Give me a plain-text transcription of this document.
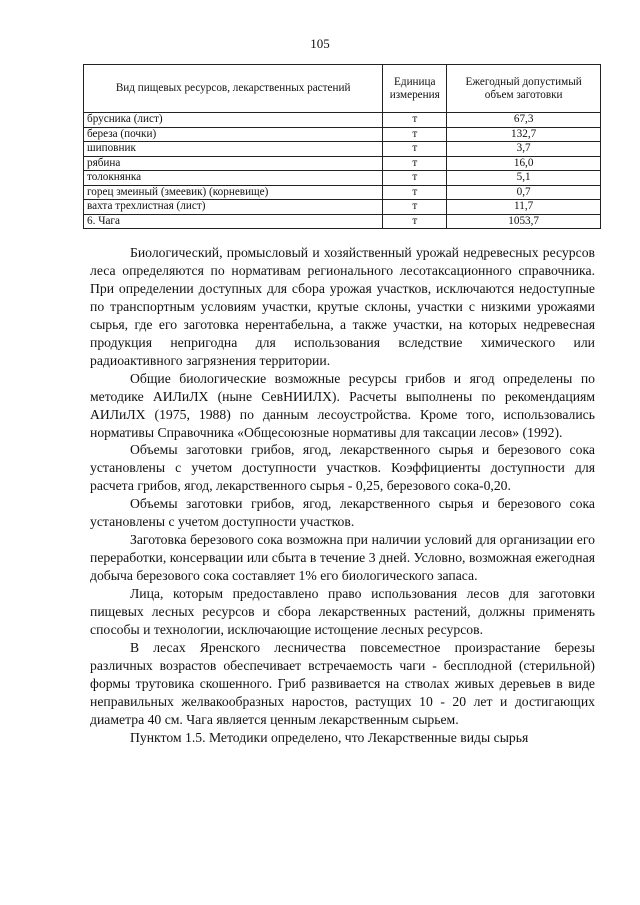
105
Вид пищевых ресурсов, лекарственных растений	Единица измерения	Ежегодный допустимый объем заготовки
брусника (лист)	т	67,3
береза (почки)	т	132,7
шиповник	т	3,7
рябина	т	16,0
толокнянка	т	5,1
горец змеиный (змеевик) (корневище)	т	0,7
вахта трехлистная (лист)	т	11,7
6. Чага	т	1053,7

Биологический, промысловый и хозяйственный урожай недревесных ресурсов леса определяются по нормативам регионального лесотаксационного справочника. При определении доступных для сбора урожая участков, исключаются недоступные по транспортным условиям участки, крутые склоны, участки с низкими урожаями сырья, где его заготовка нерентабельна, а также участки, на которых недревесная продукция непригодна для использования вследствие химического или радиоактивного загрязнения территории.

Общие биологические возможные ресурсы грибов и ягод определены по методике АИЛиЛХ (ныне СевНИИЛХ). Расчеты выполнены по рекомендациям АИЛиЛХ (1975, 1988) по данным лесоустройства. Кроме того, использовались нормативы Справочника «Общесоюзные нормативы для таксации лесов» (1992).

Объемы заготовки грибов, ягод, лекарственного сырья и березового сока установлены с учетом доступности участков. Коэффициенты доступности для расчета грибов, ягод, лекарственного сырья - 0,25, березового сока-0,20.

Объемы заготовки грибов, ягод, лекарственного сырья и березового сока установлены с учетом доступности участков.

Заготовка березового сока возможна при наличии условий для организации его переработки, консервации или сбыта в течение 3 дней. Условно, возможная ежегодная добыча березового сока составляет 1% его биологического запаса.

Лица, которым предоставлено право использования лесов для заготовки пищевых лесных ресурсов и сбора лекарственных растений, должны применять способы и технологии, исключающие истощение лесных ресурсов.

В лесах Яренского лесничества повсеместное произрастание березы различных возрастов обеспечивает встречаемость чаги - бесплодной (стерильной) формы трутовика скошенного. Гриб развивается на стволах живых деревьев в виде неправильных желвакообразных наростов, растущих 10 - 20 лет и достигающих диаметра 40 см. Чага является ценным лекарственным сырьем.

Пунктом 1.5. Методики определено, что Лекарственные виды сырья
